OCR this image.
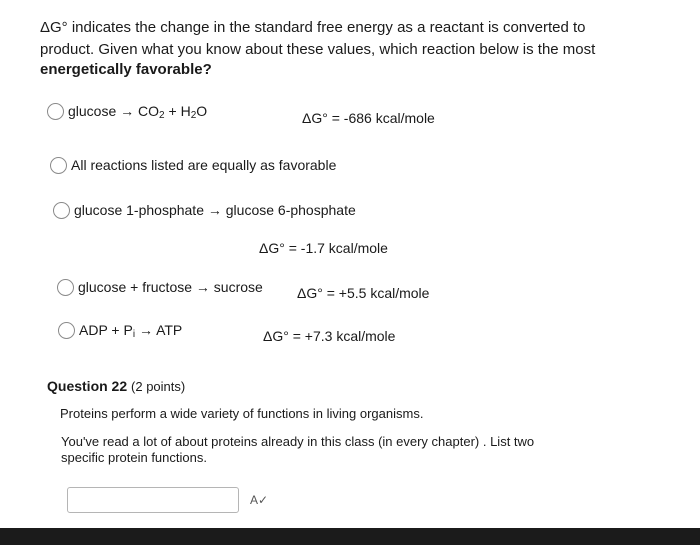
ΔG° indicates the change in the standard free energy as a reactant is converted to
product. Given what you know about these values, which reaction below is the most
energetically favorable?
$glucose \to CO_2 + H_2O$	ΔG° = -686 kcal/mole
All reactions listed are equally as favorable
glucose 1-phosphate → glucose 6-phosphate
ΔG° = -1.7 kcal/mole
glucose + fructose → sucrose ΔG° = +5.5 kcal/mole
ADP + $P_i$ → ATP	ΔG° = +7.3 kcal/mole
Question 22 (2 points)
Proteins perform a wide variety of functions in living organisms.
You've read a lot of about proteins already in this class (in every chapter) . List two
specific protein functions.
A✓
